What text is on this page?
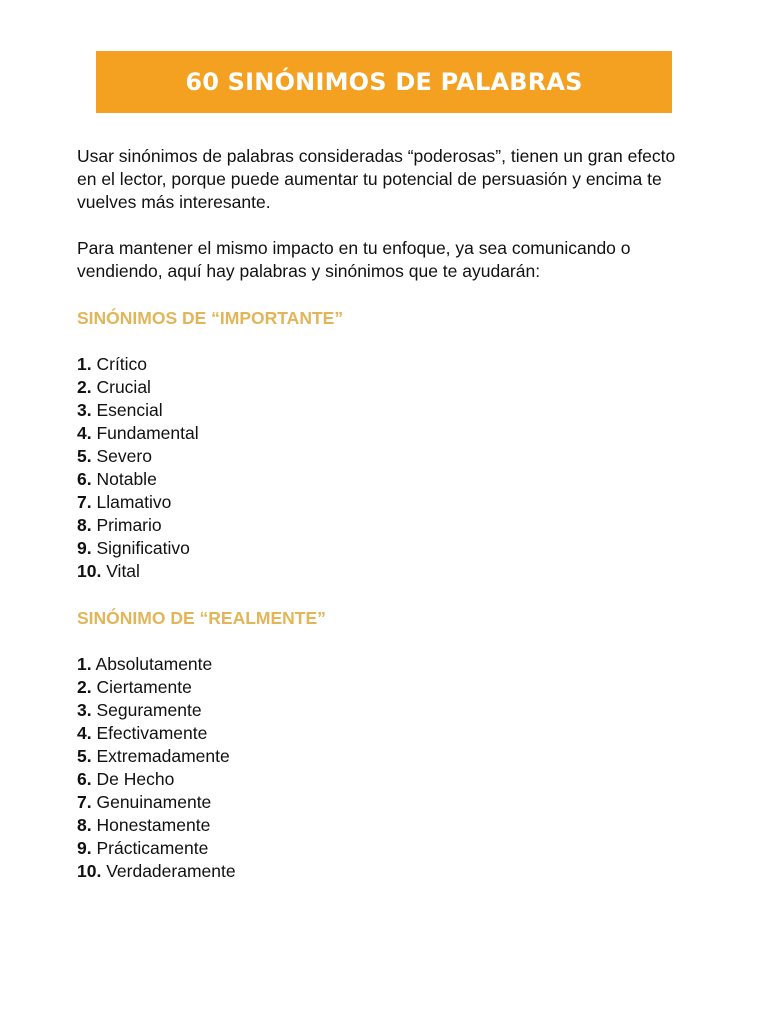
60 SINÓNIMOS DE PALABRAS

Usar sinónimos de palabras consideradas “poderosas”, tienen un gran efecto en el lector, porque puede aumentar tu potencial de persuasión y encima te vuelves más interesante.

Para mantener el mismo impacto en tu enfoque, ya sea comunicando o vendiendo, aquí hay palabras y sinónimos que te ayudarán:

SINÓNIMOS DE “IMPORTANTE”
1. Crítico
2. Crucial
3. Esencial
4. Fundamental
5. Severo
6. Notable
7. Llamativo
8. Primario
9. Significativo
10. Vital
SINÓNIMO DE “REALMENTE”
1. Absolutamente
2. Ciertamente
3. Seguramente
4. Efectivamente
5. Extremadamente
6. De Hecho
7. Genuinamente
8. Honestamente
9. Prácticamente
10. Verdaderamente
